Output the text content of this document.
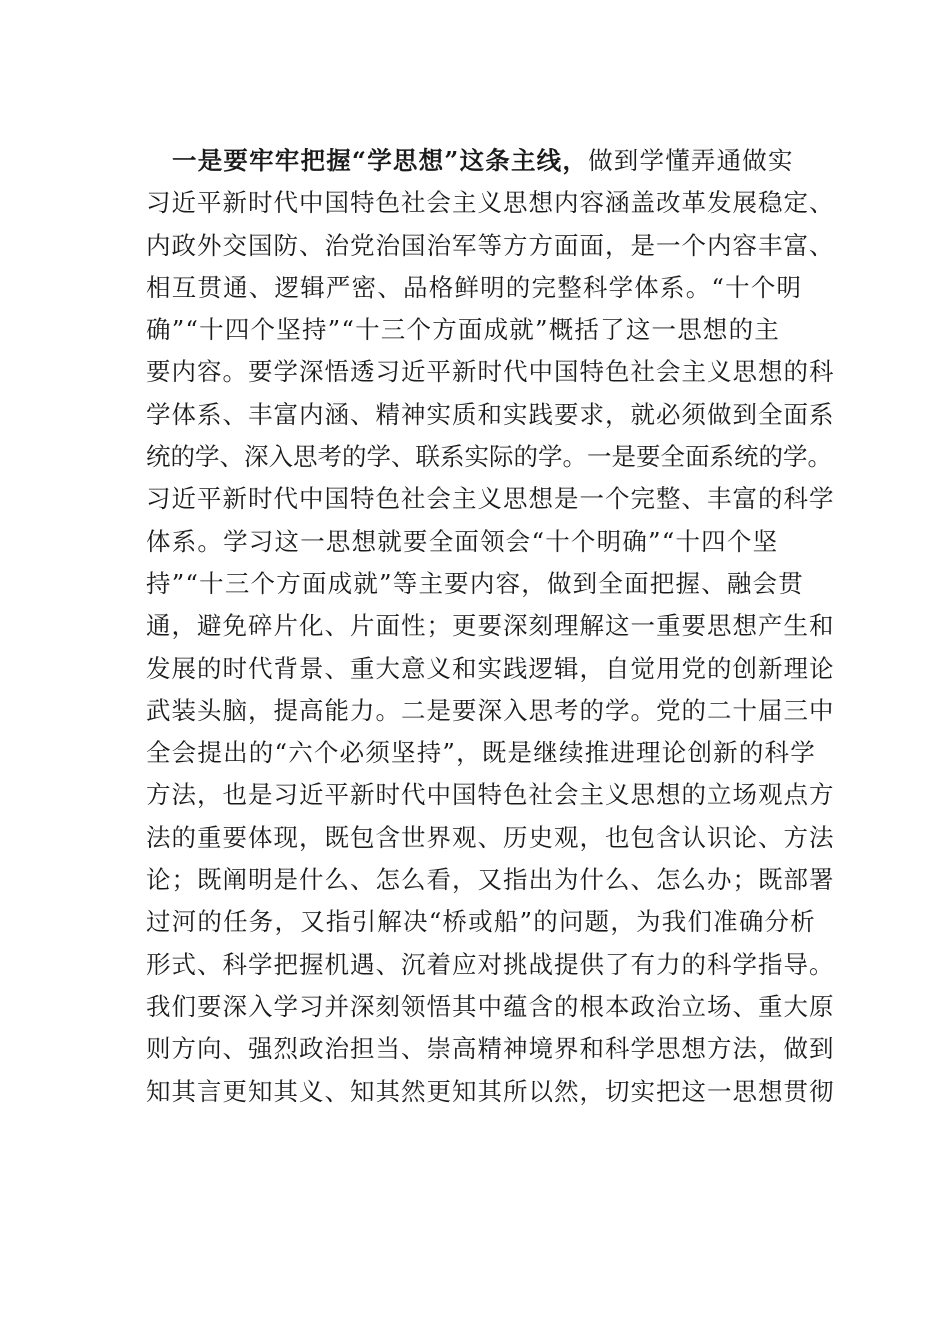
一是要牢牢把握“学思想”这条主线，做到学懂弄通做实
习近平新时代中国特色社会主义思想内容涵盖改革发展稳定、
内政外交国防、治党治国治军等方方面面，是一个内容丰富、
相互贯通、逻辑严密、品格鲜明的完整科学体系。“十个明
确”“十四个坚持”“十三个方面成就”概括了这一思想的主
要内容。要学深悟透习近平新时代中国特色社会主义思想的科
学体系、丰富内涵、精神实质和实践要求，就必须做到全面系
统的学、深入思考的学、联系实际的学。一是要全面系统的学。
习近平新时代中国特色社会主义思想是一个完整、丰富的科学
体系。学习这一思想就要全面领会“十个明确”“十四个坚
持”“十三个方面成就”等主要内容，做到全面把握、融会贯
通，避免碎片化、片面性；更要深刻理解这一重要思想产生和
发展的时代背景、重大意义和实践逻辑，自觉用党的创新理论
武装头脑，提高能力。二是要深入思考的学。党的二十届三中
全会提出的“六个必须坚持”，既是继续推进理论创新的科学
方法，也是习近平新时代中国特色社会主义思想的立场观点方
法的重要体现，既包含世界观、历史观，也包含认识论、方法
论；既阐明是什么、怎么看，又指出为什么、怎么办；既部署
过河的任务，又指引解决“桥或船”的问题，为我们准确分析
形式、科学把握机遇、沉着应对挑战提供了有力的科学指导。
我们要深入学习并深刻领悟其中蕴含的根本政治立场、重大原
则方向、强烈政治担当、崇高精神境界和科学思想方法，做到
知其言更知其义、知其然更知其所以然，切实把这一思想贯彻
